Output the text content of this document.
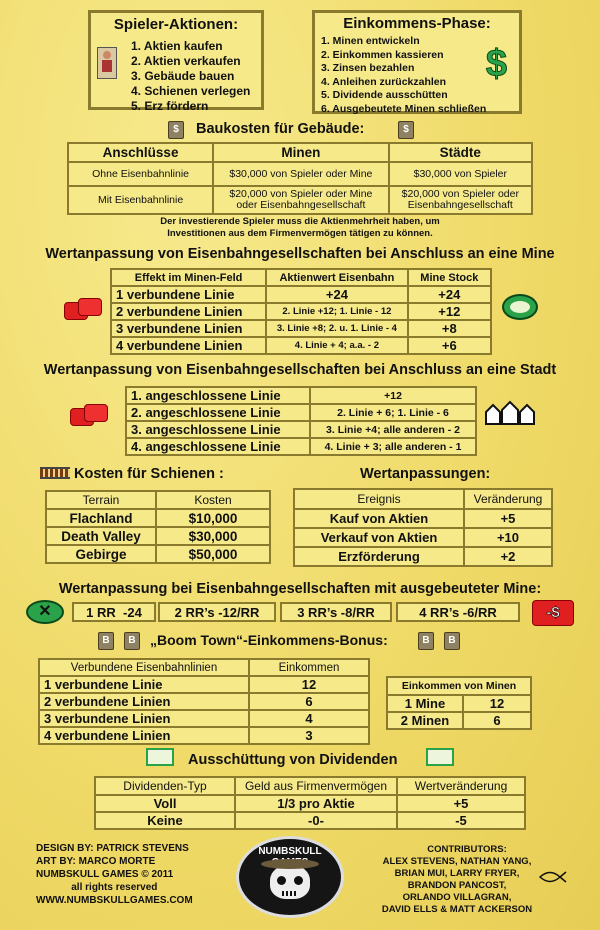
Spieler-Aktionen:
1. Aktien kaufen
2. Aktien verkaufen
3. Gebäude bauen
4. Schienen verlegen
5. Erz fördern
Einkommens-Phase:
1. Minen entwickeln
2. Einkommen kassieren
3. Zinsen bezahlen
4. Anleihen zurückzahlen
5. Dividende ausschütten
6. Ausgebeutete Minen schließen
$
$	$
Baukosten für Gebäude:
Anschlüsse	Minen	Städte
Ohne Eisenbahnlinie	$30,000 von Spieler oder Mine	$30,000 von Spieler
Mit Eisenbahnlinie	$20,000 von Spieler oder Mine oder Eisenbahngesellschaft	$20,000 von Spieler oder Eisenbahngesellschaft
Der investierende Spieler muss die Aktienmehrheit haben, um
Investitionen aus dem Firmenvermögen tätigen zu können.
Wertanpassung von Eisenbahngesellschaften bei Anschluss an eine Mine
Effekt im Minen-Feld	Aktienwert Eisenbahn	Mine Stock
1 verbundene Linie	+24	+24
2 verbundene Linien	2. Linie +12; 1. Linie - 12	+12
3 verbundene Linien	3. Linie +8; 2. u. 1. Linie - 4	+8
4 verbundene Linien	4. Linie + 4; a.a. - 2	+6
Wertanpassung von Eisenbahngesellschaften bei Anschluss an eine Stadt
1. angeschlossene Linie	+12
2. angeschlossene Linie	2. Linie + 6; 1. Linie - 6
3. angeschlossene Linie	3. Linie +4; alle anderen - 2
4. angeschlossene Linie	4. Linie + 3; alle anderen - 1
Kosten für Schienen :
Terrain	Kosten
Flachland	$10,000
Death Valley	$30,000
Gebirge	$50,000
Wertanpassungen:
Ereignis	Veränderung
Kauf von Aktien	+5
Verkauf von Aktien	+10
Erzförderung	+2
Wertanpassung bei Eisenbahngesellschaften mit ausgebeuteter Mine:
✕	1 RR  -24	2 RR’s -12/RR	3 RR’s -8/RR	4 RR’s -6/RR	-$
B	B	B	B
„Boom Town“-Einkommens-Bonus:
Verbundene Eisenbahnlinien	Einkommen
1 verbundene Linie	12
2 verbundene Linien	6
3 verbundene Linien	4
4 verbundene Linien	3
Einkommen von Minen	
1 Mine	12
2 Minen	6
Ausschüttung von Dividenden
Dividenden-Typ	Geld aus Firmenvermögen	Wertveränderung
Voll	1/3 pro Aktie	+5
Keine	-0-	-5
DESIGN BY: PATRICK STEVENS
ART BY: MARCO MORTE
NUMBSKULL GAMES © 2011
all rights reserved
WWW.NUMBSKULLGAMES.COM
NUMBSKULL	CONTRIBUTORS:
ALEX STEVENS, NATHAN YANG,
BRIAN MUI, LARRY FRYER,
BRANDON PANCOST,
ORLANDO VILLAGRAN,
DAVID ELLS & MATT ACKERSON
